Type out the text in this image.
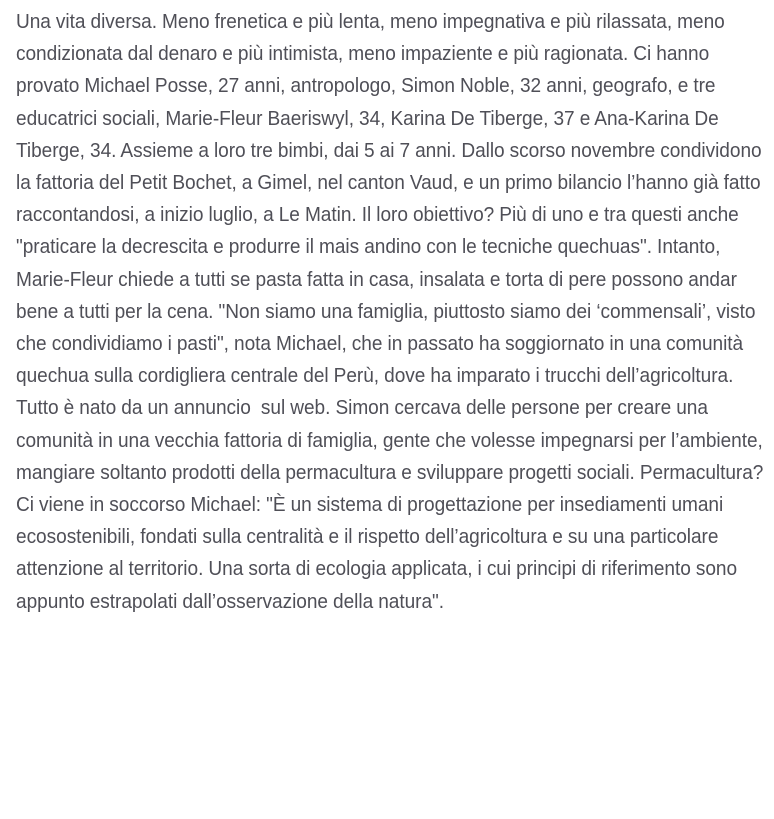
Una vita diversa. Meno frenetica e più lenta, meno impegnativa e più rilassata, meno condizionata dal denaro e più intimista, meno impaziente e più ragionata. Ci hanno provato Michael Posse, 27 anni, antropologo, Simon Noble, 32 anni, geografo, e tre educatrici sociali, Marie-Fleur Baeriswyl, 34, Karina De Tiberge, 37 e Ana-Karina De Tiberge, 34. Assieme a loro tre bimbi, dai 5 ai 7 anni. Dallo scorso novembre condividono la fattoria del Petit Bochet, a Gimel, nel canton Vaud, e un primo bilancio l’hanno già fatto raccontandosi, a inizio luglio, a Le Matin. Il loro obiettivo? Più di uno e tra questi anche "praticare la decrescita e produrre il mais andino con le tecniche quechuas". Intanto, Marie-Fleur chiede a tutti se pasta fatta in casa, insalata e torta di pere possono andar bene a tutti per la cena. "Non siamo una famiglia, piuttosto siamo dei ‘commensali’, visto che condividiamo i pasti", nota Michael, che in passato ha soggiornato in una comunità quechua sulla cordigliera centrale del Perù, dove ha imparato i trucchi dell’agricoltura.

Tutto è nato da un annuncio  sul web. Simon cercava delle persone per creare una comunità in una vecchia fattoria di famiglia, gente che volesse impegnarsi per l’ambiente, mangiare soltanto prodotti della permacultura e sviluppare progetti sociali. Permacultura? Ci viene in soccorso Michael: "È un sistema di progettazione per insediamenti umani ecosostenibili, fondati sulla centralità e il rispetto dell’agricoltura e su una particolare attenzione al territorio. Una sorta di ecologia applicata, i cui principi di riferimento sono appunto estrapolati dall’osservazione della natura".
